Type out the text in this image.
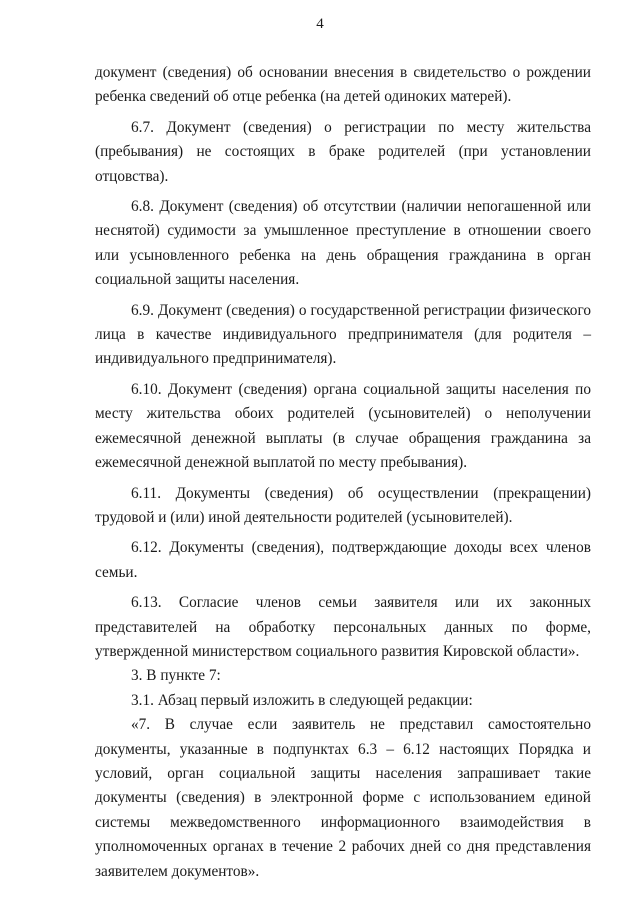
4

документ (сведения) об основании внесения в свидетельство о рождении ребенка сведений об отце ребенка (на детей одиноких матерей).

6.7. Документ (сведения) о регистрации по месту жительства (пребывания) не состоящих в браке родителей (при установлении отцовства).

6.8. Документ (сведения) об отсутствии (наличии непогашенной или неснятой) судимости за умышленное преступление в отношении своего или усыновленного ребенка на день обращения гражданина в орган социальной защиты населения.

6.9. Документ (сведения) о государственной регистрации физического лица в качестве индивидуального предпринимателя (для родителя – индивидуального предпринимателя).

6.10. Документ (сведения) органа социальной защиты населения по месту жительства обоих родителей (усыновителей) о неполучении ежемесячной денежной выплаты (в случае обращения гражданина за ежемесячной денежной выплатой по месту пребывания).

6.11. Документы (сведения) об осуществлении (прекращении) трудовой и (или) иной деятельности родителей (усыновителей).

6.12. Документы (сведения), подтверждающие доходы всех членов семьи.

6.13. Согласие членов семьи заявителя или их законных представителей на обработку персональных данных по форме, утвержденной министерством социального развития Кировской области».

3. В пункте 7:

3.1. Абзац первый изложить в следующей редакции:

«7. В случае если заявитель не представил самостоятельно документы, указанные в подпунктах 6.3 – 6.12 настоящих Порядка и условий, орган социальной защиты населения запрашивает такие документы (сведения) в электронной форме с использованием единой системы межведомственного информационного взаимодействия в уполномоченных органах в течение 2 рабочих дней со дня представления заявителем документов».
